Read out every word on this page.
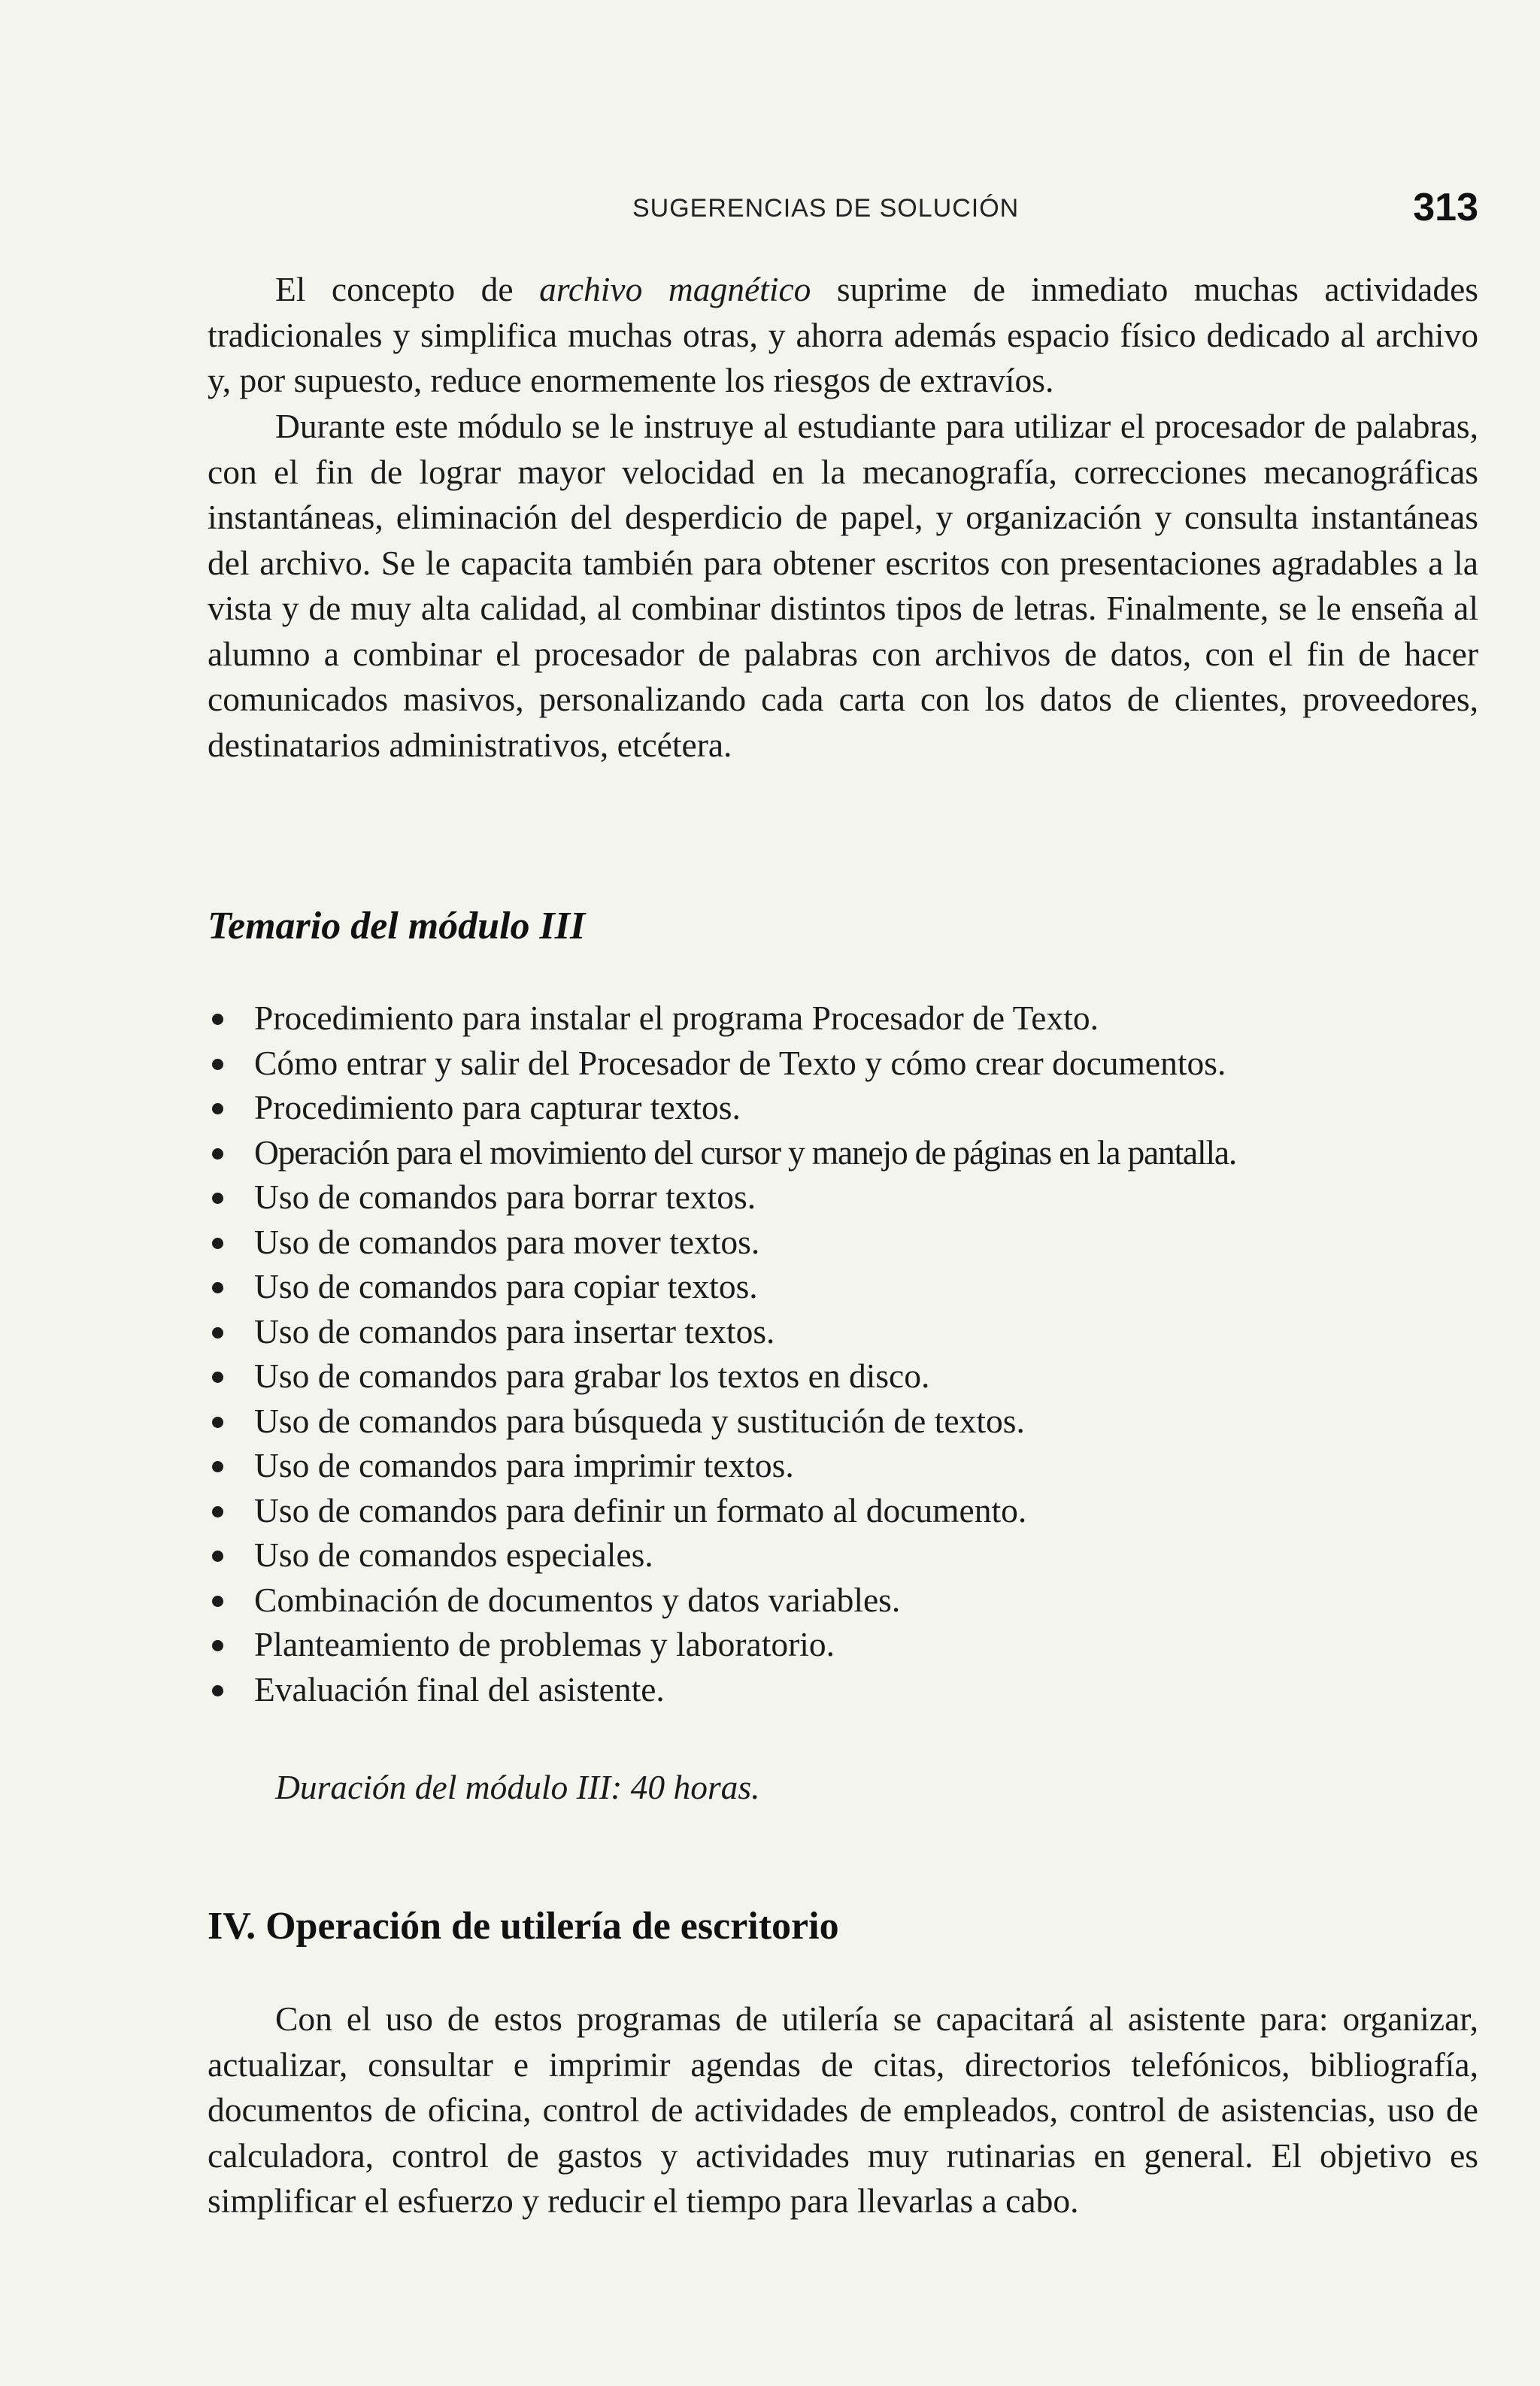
SUGERENCIAS DE SOLUCIÓN	313

El concepto de archivo magnético suprime de inmediato muchas actividades tradicionales y simplifica muchas otras, y ahorra además espacio físico dedicado al archivo y, por supuesto, reduce enormemente los riesgos de extravíos.

Durante este módulo se le instruye al estudiante para utilizar el procesador de palabras, con el fin de lograr mayor velocidad en la mecanografía, correcciones mecanográficas instantáneas, eliminación del desperdicio de papel, y organización y consulta instantáneas del archivo. Se le capacita también para obtener escritos con presentaciones agradables a la vista y de muy alta calidad, al combinar distintos tipos de letras. Finalmente, se le enseña al alumno a combinar el procesador de palabras con archivos de datos, con el fin de hacer comunicados masivos, personalizando cada carta con los datos de clientes, proveedores, destinatarios administrativos, etcétera.

Temario del módulo III
Procedimiento para instalar el programa Procesador de Texto.
Cómo entrar y salir del Procesador de Texto y cómo crear documentos.
Procedimiento para capturar textos.
Operación para el movimiento del cursor y manejo de páginas en la pantalla.
Uso de comandos para borrar textos.
Uso de comandos para mover textos.
Uso de comandos para copiar textos.
Uso de comandos para insertar textos.
Uso de comandos para grabar los textos en disco.
Uso de comandos para búsqueda y sustitución de textos.
Uso de comandos para imprimir textos.
Uso de comandos para definir un formato al documento.
Uso de comandos especiales.
Combinación de documentos y datos variables.
Planteamiento de problemas y laboratorio.
Evaluación final del asistente.

Duración del módulo III: 40 horas.

IV. Operación de utilería de escritorio

Con el uso de estos programas de utilería se capacitará al asistente para: organizar, actualizar, consultar e imprimir agendas de citas, directorios telefónicos, bibliografía, documentos de oficina, control de actividades de empleados, control de asistencias, uso de calculadora, control de gastos y actividades muy rutinarias en general. El objetivo es simplificar el esfuerzo y reducir el tiempo para llevarlas a cabo.
